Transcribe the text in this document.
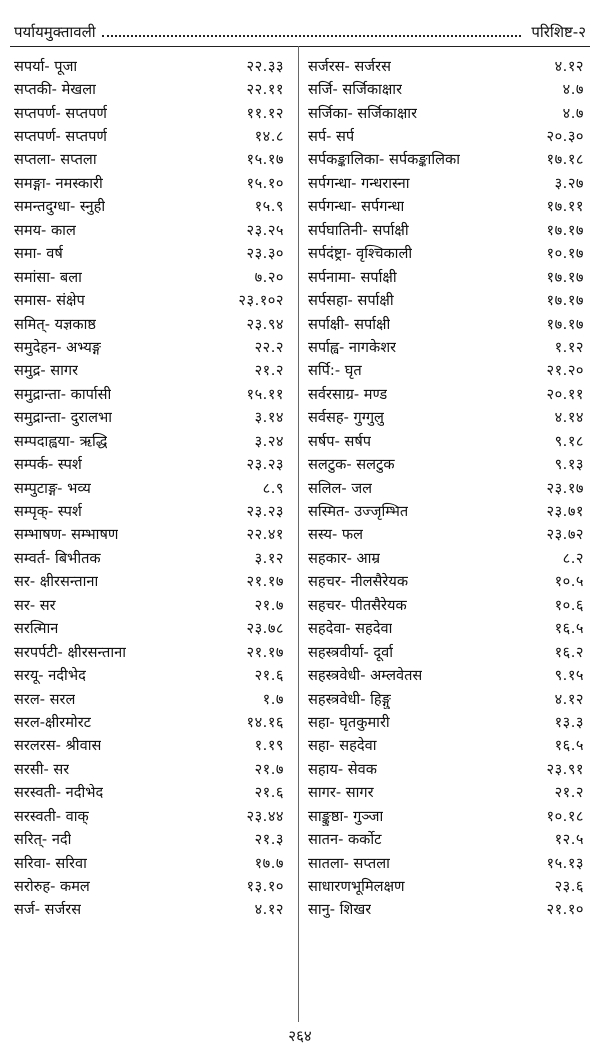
पर्यायमुक्तावली	परिशिष्ट-२
सपर्या- पूजा	२२.३३
सप्तकी- मेखला	२२.११
सप्तपर्ण- सप्तपर्ण	११.१२
सप्तपर्ण- सप्तपर्ण	१४.८
सप्तला- सप्तला	१५.१७
समङ्गा- नमस्कारी	१५.१०
समन्तदुग्धा- स्नुही	१५.९
समय- काल	२३.२५
समा- वर्ष	२३.३०
समांसा- बला	७.२०
समास- संक्षेप	२३.१०२
समित्- यज्ञकाष्ठ	२३.९४
समुदेहन- अभ्यङ्ग	२२.२
समुद्र- सागर	२१.२
समुद्रान्ता- कार्पासी	१५.११
समुद्रान्ता- दुरालभा	३.१४
सम्पदाह्वया- ऋद्धि	३.२४
सम्पर्क- स्पर्श	२३.२३
सम्पुटाङ्ग- भव्य	८.९
सम्पृक्- स्पर्श	२३.२३
सम्भाषण- सम्भाषण	२२.४१
सम्वर्त- बिभीतक	३.१२
सर- क्षीरसन्ताना	२१.१७
सर- सर	२१.७
सरत्मिान	२३.७८
सरपर्पटी- क्षीरसन्ताना	२१.१७
सरयू- नदीभेद	२१.६
सरल- सरल	१.७
सरल-क्षीरमोरट	१४.१६
सरलरस- श्रीवास	१.१९
सरसी- सर	२१.७
सरस्वती- नदीभेद	२१.६
सरस्वती- वाक्	२३.४४
सरित्- नदी	२१.३
सरिवा- सरिवा	१७.७
सरोरुह- कमल	१३.१०
सर्ज- सर्जरस	४.१२
सर्जरस- सर्जरस	४.१२
सर्जि- सर्जिकाक्षार	४.७
सर्जिका- सर्जिकाक्षार	४.७
सर्प- सर्प	२०.३०
सर्पकङ्कालिका- सर्पकङ्कालिका	१७.१८
सर्पगन्धा- गन्धरास्ना	३.२७
सर्पगन्धा- सर्पगन्धा	१७.११
सर्पघातिनी- सर्पाक्षी	१७.१७
सर्पदंष्ट्रा- वृश्चिकाली	१०.१७
सर्पनामा- सर्पाक्षी	१७.१७
सर्पसहा- सर्पाक्षी	१७.१७
सर्पाक्षी- सर्पाक्षी	१७.१७
सर्पाह्व- नागकेशर	१.१२
सर्पि:- घृत	२१.२०
सर्वरसाग्र- मण्ड	२०.११
सर्वसह- गुग्गुलु	४.१४
सर्षप- सर्षप	९.१८
सलटुक- सलटुक	९.१३
सलिल- जल	२३.१७
सस्मित- उज्जृम्भित	२३.७१
सस्य- फल	२३.७२
सहकार- आम्र	८.२
सहचर- नीलसैरेयक	१०.५
सहचर- पीतसैरेयक	१०.६
सहदेवा- सहदेवा	१६.५
सहस्त्रवीर्या- दूर्वा	१६.२
सहस्त्रवेधी- अम्लवेतस	९.१५
सहस्त्रवेधी- हिङ्गु	४.१२
सहा- घृतकुमारी	१३.३
सहा- सहदेवा	१६.५
सहाय- सेवक	२३.९१
सागर- सागर	२१.२
साङ्कुष्ठा- गुञ्जा	१०.१८
सातन- कर्कोट	१२.५
सातला- सप्तला	१५.१३
साधारणभूमिलक्षण	२३.६
सानु- शिखर	२१.१०
२६४
